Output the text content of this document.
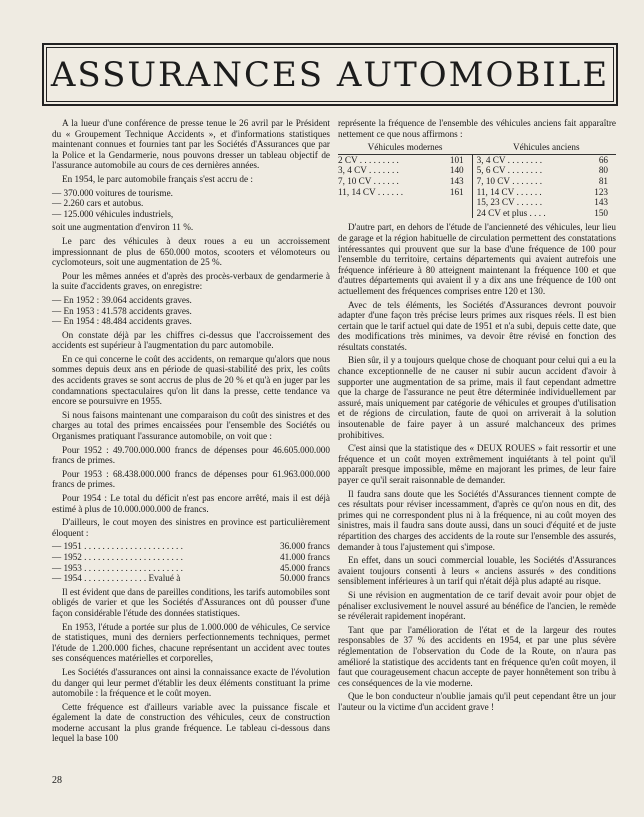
ASSURANCES AUTOMOBILE

A la lueur d'une conférence de presse tenue le 26 avril par le Président du « Groupement Technique Accidents », et d'informations statistiques maintenant connues et fournies tant par les Sociétés d'Assurances que par la Police et la Gendarmerie, nous pouvons dresser un tableau objectif de l'assurance automobile au cours de ces dernières années.

En 1954, le parc automobile français s'est accru de :

— 370.000 voitures de tourisme.
— 2.260 cars et autobus.
— 125.000 véhicules industriels,

soit une augmentation d'environ 11 %.

Le parc des véhicules à deux roues a eu un accroissement impressionnant de plus de 650.000 motos, scooters et vélomoteurs ou cyclomoteurs, soit une augmentation de 25 %.

Pour les mêmes années et d'après des procès-verbaux de gendarmerie à la suite d'accidents graves, on enregistre:

— En 1952 : 39.064 accidents graves.
— En 1953 : 41.578 accidents graves.
— En 1954 : 48.484 accidents graves.

On constate déjà par les chiffres ci-dessus que l'accroissement des accidents est supérieur à l'augmentation du parc automobile.

En ce qui concerne le coût des accidents, on remarque qu'alors que nous sommes depuis deux ans en période de quasi-stabilité des prix, les coûts des accidents graves se sont accrus de plus de 20 % et qu'à en juger par les condamnations spectaculaires qu'on lit dans la presse, cette tendance va encore se poursuivre en 1955.

Si nous faisons maintenant une comparaison du coût des sinistres et des charges au total des primes encaissées pour l'ensemble des Sociétés ou Organismes pratiquant l'assurance automobile, on voit que :

Pour 1952 : 49.700.000.000 francs de dépenses pour 46.605.000.000 francs de primes.

Pour 1953 : 68.438.000.000 francs de dépenses pour 61.963.000.000 francs de primes.

Pour 1954 : Le total du déficit n'est pas encore arrêté, mais il est déjà estimé à plus de 10.000.000.000 de francs.

D'ailleurs, le cout moyen des sinistres en province est particulièrement éloquent :

— 1951 . . . . . . . . . . . . . . . . . . . . . .	36.000 francs
— 1952 . . . . . . . . . . . . . . . . . . . . . .	41.000 francs
— 1953 . . . . . . . . . . . . . . . . . . . . . .	45.000 francs
— 1954 . . . . . . . . . . . . . . Evalué à	50.000 francs

Il est évident que dans de pareilles conditions, les tarifs automobiles sont obligés de varier et que les Sociétés d'Assurances ont dû pousser d'une façon considérable l'étude des données statistiques.

En 1953, l'étude a portée sur plus de 1.000.000 de véhicules, Ce service de statistiques, muni des derniers perfectionnements techniques, permet l'étude de 1.200.000 fiches, chacune représentant un accident avec toutes ses conséquences matérielles et corporelles,

Les Sociétés d'assurances ont ainsi la connaissance exacte de l'évolution du danger qui leur permet d'établir les deux éléments constituant la prime automobile : la fréquence et le coût moyen.

Cette fréquence est d'ailleurs variable avec la puissance fiscale et également la date de construction des véhicules, ceux de construction moderne accusant la plus grande fréquence. Le tableau ci-dessous dans lequel la base 100

représente la fréquence de l'ensemble des véhicules anciens fait apparaître nettement ce que nous affirmons :

Véhicules modernes			Véhicules anciens	
2 CV . . . . . . . . .	101		3, 4 CV . . . . . . . .	66
3, 4 CV . . . . . . .	140		5, 6 CV . . . . . . . .	80
7, 10 CV . . . . . .	143		7, 10 CV . . . . . . .	81
11, 14 CV . . . . . .	161		11, 14 CV . . . . . .	123
			15, 23 CV . . . . . .	143
			24 CV et plus . . . .	150

D'autre part, en dehors de l'étude de l'ancienneté des véhicules, leur lieu de garage et la région habituelle de circulation permettent des constatations intéressantes qui prouvent que sur la base d'une fréquence de 100 pour l'ensemble du territoire, certains départements qui avaient autrefois une fréquence inférieure à 80 atteignent maintenant la fréquence 100 et que d'autres départements qui avaient il y a dix ans une fréquence de 100 ont actuellement des fréquences comprises entre 120 et 130.

Avec de tels éléments, les Sociétés d'Assurances devront pouvoir adapter d'une façon très précise leurs primes aux risques réels. Il est bien certain que le tarif actuel qui date de 1951 et n'a subi, depuis cette date, que des modifications très minimes, va devoir être révisé en fonction des résultats constatés.

Bien sûr, il y a toujours quelque chose de choquant pour celui qui a eu la chance exceptionnelle de ne causer ni subir aucun accident d'avoir à supporter une augmentation de sa prime, mais il faut cependant admettre que la charge de l'assurance ne peut être déterminée individuellement par assuré, mais uniquement par catégorie de véhicules et groupes d'utilisation et de régions de circulation, faute de quoi on arriverait à la solution insoutenable de faire payer à un assuré malchanceux des primes prohibitives.

C'est ainsi que la statistique des « DEUX ROUES » fait ressortir et une fréquence et un coût moyen extrêmement inquiétants à tel point qu'il apparaît presque impossible, même en majorant les primes, de leur faire payer ce qu'il serait raisonnable de demander.

Il faudra sans doute que les Sociétés d'Assurances tiennent compte de ces résultats pour réviser incessamment, d'après ce qu'on nous en dit, des primes qui ne correspondent plus ni à la fréquence, ni au coût moyen des sinistres, mais il faudra sans doute aussi, dans un souci d'équité et de juste répartition des charges des accidents de la route sur l'ensemble des assurés, demander à tous l'ajustement qui s'impose.

En effet, dans un souci commercial louable, les Sociétés d'Assurances avaient toujours consenti à leurs « anciens assurés » des conditions sensiblement inférieures à un tarif qui n'était déjà plus adapté au risque.

Si une révision en augmentation de ce tarif devait avoir pour objet de pénaliser exclusivement le nouvel assuré au bénéfice de l'ancien, le remède se révélerait rapidement inopérant.

Tant que par l'amélioration de l'état et de la largeur des routes responsables de 37 % des accidents en 1954, et par une plus sévère réglementation de l'observation du Code de la Route, on n'aura pas amélioré la statistique des accidents tant en fréquence qu'en coût moyen, il faut que courageusement chacun accepte de payer honnêtement son tribu à ces conséquences de la vie moderne.

Que le bon conducteur n'oublie jamais qu'il peut cependant être un jour l'auteur ou la victime d'un accident grave !

28
